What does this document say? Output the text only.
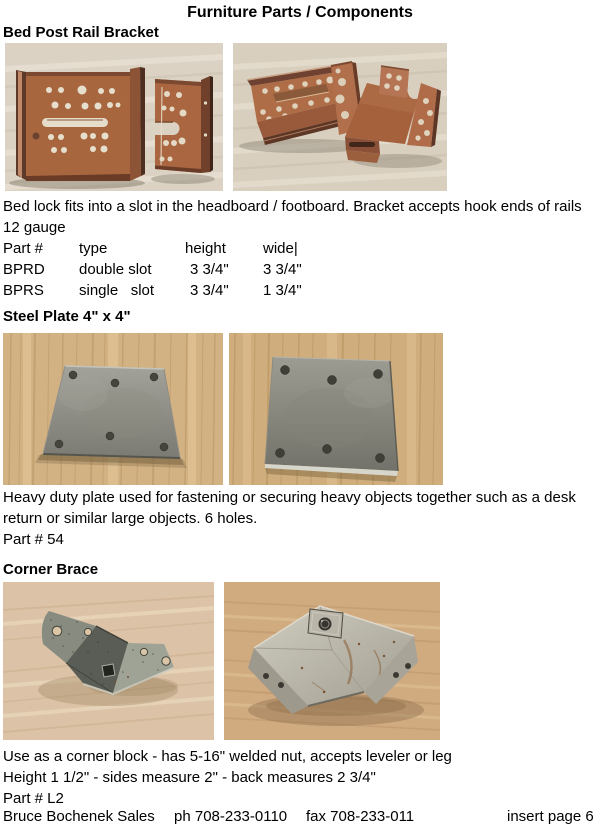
Furniture Parts / Components
Bed Post Rail Bracket
Bed lock fits into a slot in the headboard / footboard. Bracket accepts hook ends of rails
12 gauge
Part #	type	height	wide|
BPRD	double slot	3 3/4"	3 3/4"
BPRS	single   slot	3 3/4"	1 3/4"
Steel Plate 4" x 4"
Heavy duty plate used for fastening or securing heavy objects together such as a desk
return or similar large objects. 6 holes.
Part # 54
Corner Brace
Use as a corner block - has 5-16" welded nut, accepts leveler or leg
Height 1 1/2" - sides measure 2" - back measures 2 3/4"
Part # L2
Bruce Bochenek Sales ph 708-233-0110 fax 708-233-011	insert page 6
